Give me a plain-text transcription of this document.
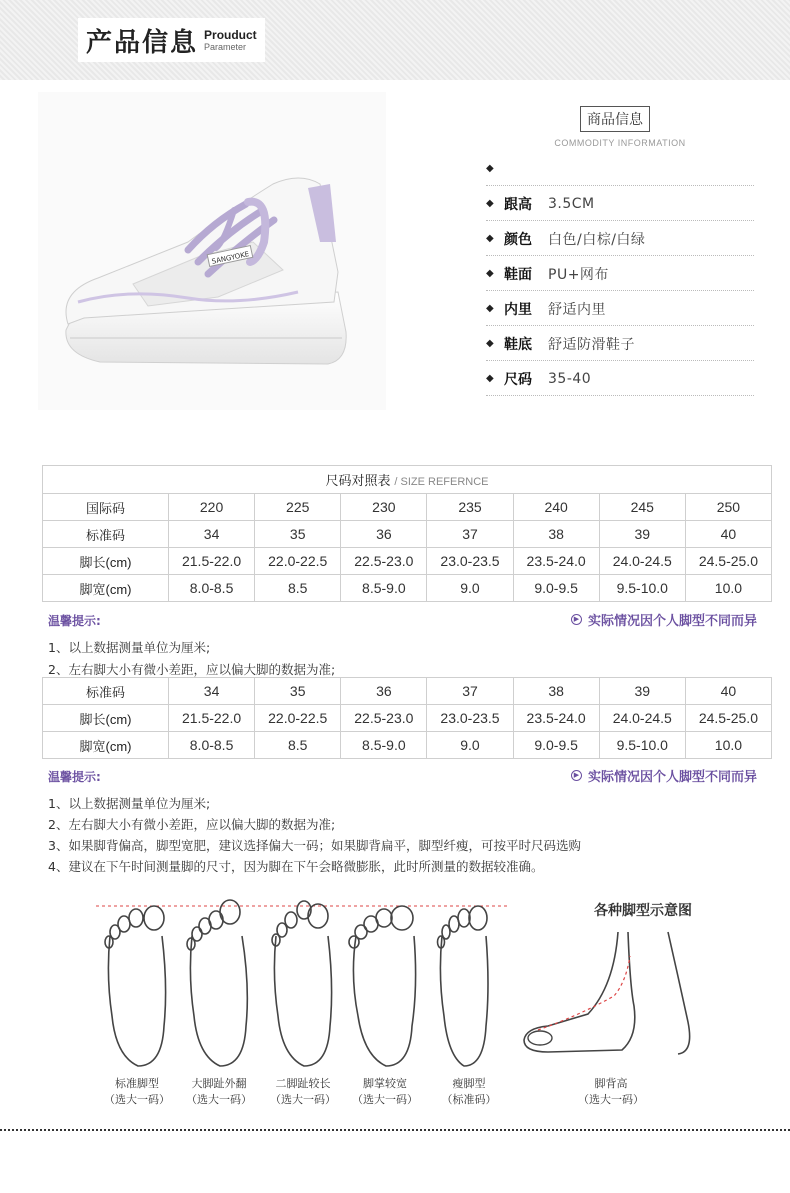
产品信息 Prouduct
Parameter
SANGYOKE
商品信息
COMMODITY INFORMATION
◆
◆ 跟高	3.5CM
◆ 颜色	白色/白棕/白绿
◆ 鞋面	PU+网布
◆ 内里	舒适内里
◆ 鞋底	舒适防滑鞋子
◆ 尺码	35-40
尺码对照表 / SIZE REFERNCE							
国际码	220	225	230	235	240	245	250
标准码	34	35	36	37	38	39	40
脚长(cm)	21.5-22.0	22.0-22.5	22.5-23.0	23.0-23.5	23.5-24.0	24.0-24.5	24.5-25.0
脚宽(cm)	8.0-8.5	8.5	8.5-9.0	9.0	9.0-9.5	9.5-10.0	10.0
温馨提示:	▶ 实际情况因个人脚型不同而异
1、以上数据测量单位为厘米;
2、左右脚大小有微小差距，应以偏大脚的数据为准;
标准码	34	35	36	37	38	39	40
脚长(cm)	21.5-22.0	22.0-22.5	22.5-23.0	23.0-23.5	23.5-24.0	24.0-24.5	24.5-25.0
脚宽(cm)	8.0-8.5	8.5	8.5-9.0	9.0	9.0-9.5	9.5-10.0	10.0
温馨提示:	▶ 实际情况因个人脚型不同而异
1、以上数据测量单位为厘米;
2、左右脚大小有微小差距，应以偏大脚的数据为准;
3、如果脚背偏高，脚型宽肥，建议选择偏大一码；如果脚背扁平，脚型纤瘦，可按平时尺码选购
4、建议在下午时间测量脚的尺寸，因为脚在下午会略微膨胀，此时所测量的数据较准确。
标准脚型
（选大一码）
大脚趾外翻
（选大一码）
二脚趾较长
（选大一码）
脚掌较宽
（选大一码）
瘦脚型
（标准码）
各种脚型示意图
脚背高
（选大一码）
